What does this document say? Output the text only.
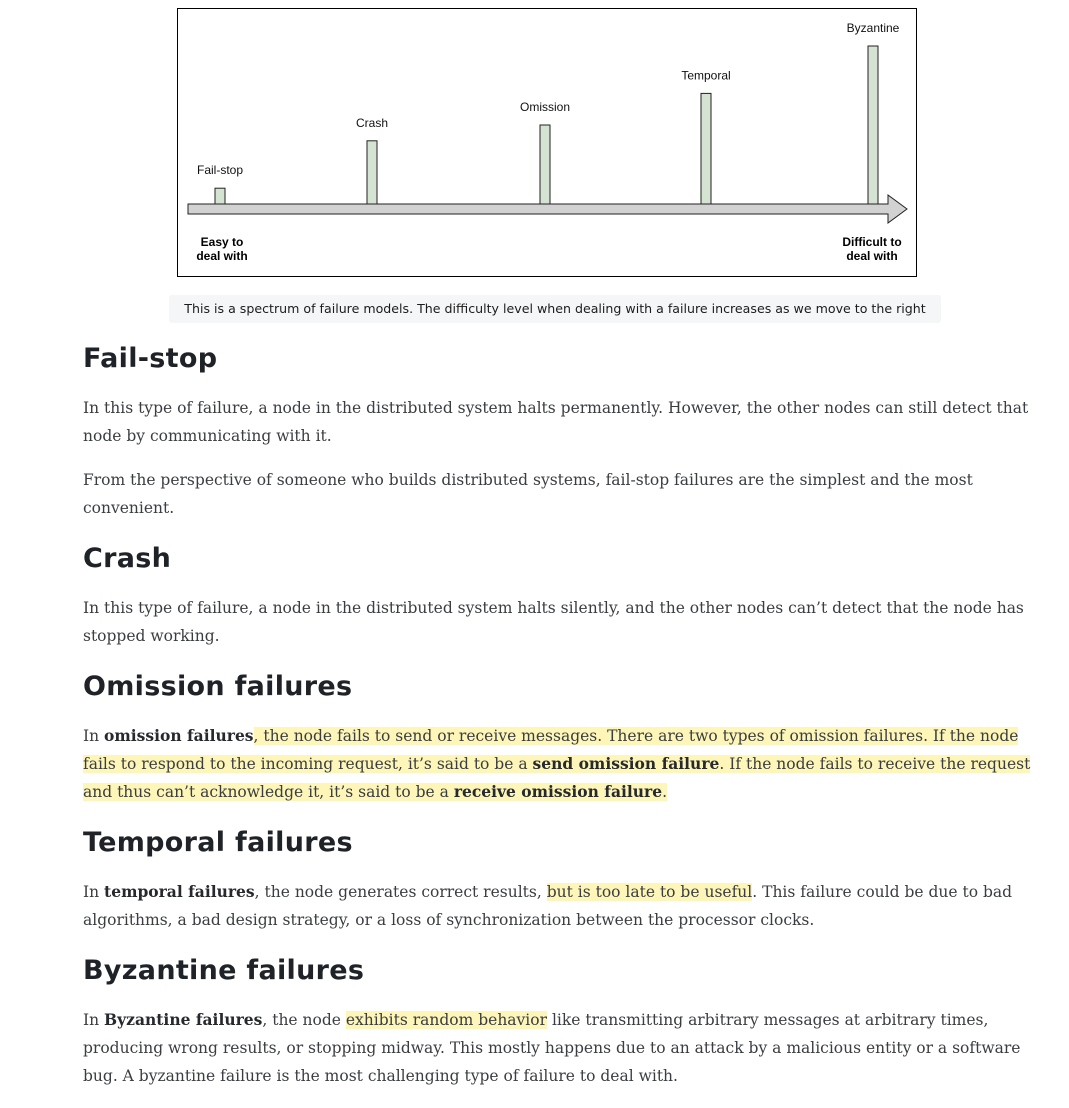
Fail-stop
Crash
Omission
Temporal
Byzantine
Easy to
deal with
Difficult to
deal with
This is a spectrum of failure models. The difficulty level when dealing with a failure increases as we move to the right
Fail-stop

In this type of failure, a node in the distributed system halts permanently. However, the other nodes can still detect that node by communicating with it.

From the perspective of someone who builds distributed systems, fail-stop failures are the simplest and the most convenient.

Crash

In this type of failure, a node in the distributed system halts silently, and the other nodes can’t detect that the node has stopped working.

Omission failures

In omission failures, the node fails to send or receive messages. There are two types of omission failures. If the node fails to respond to the incoming request, it’s said to be a send omission failure. If the node fails to receive the request and thus can’t acknowledge it, it’s said to be a receive omission failure.

Temporal failures

In temporal failures, the node generates correct results, but is too late to be useful. This failure could be due to bad algorithms, a bad design strategy, or a loss of synchronization between the processor clocks.

Byzantine failures

In Byzantine failures, the node exhibits random behavior like transmitting arbitrary messages at arbitrary times, producing wrong results, or stopping midway. This mostly happens due to an attack by a malicious entity or a software bug. A byzantine failure is the most challenging type of failure to deal with.
